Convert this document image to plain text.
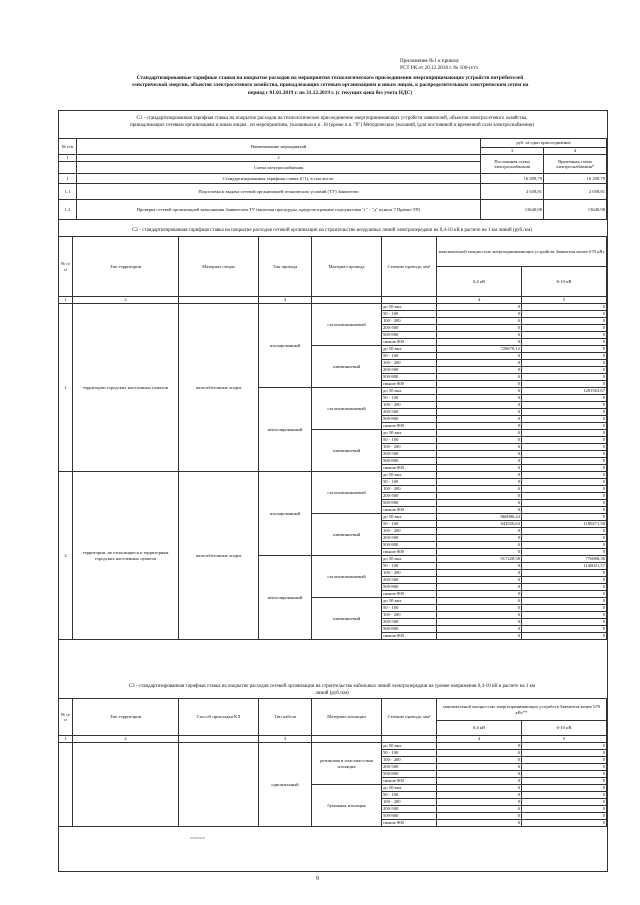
Приложение №1 к приказу
РСТ РК от 20.12.2018 г. № 100-п/тэ
Стандартизированные тарифные ставки на покрытие расходов на мероприятия технологического присоединения энергопринимающих устройств потребителей
электрической энергии, объектов электросетевого хозяйства, принадлежащих сетевым организациям и иным лицам, к распределительным электрическим сетям на
период с 01.01.2019 г. по 31.12.2019 г. (с текущих цена без учета НДС)
С1 - стандартизированная тарифная ставка на покрытие расходов на технологическое присоединение энергопринимающих устройств заявителей, объектов электросетевого хозяйства,
принадлежащих сетевым организациям и иным лицам , по мероприятиям, указанным в п. 16 (кроме п.п. "б") Методических указаний, (для постоянной и временной схем электроснабжения)
№ п/п	Наименование мероприятий	руб. за одно присоединение	
		3	4
1	2	Постоянная схема электроснабжения	Временная схема электроснабжения*
	Схема электроснабжения		
1	Стандартизированная тарифная ставка (С1), в том числе:	16 299,79	16 299,79
1.1	Подготовка и выдача сетевой организацией технических условий (ТУ) Заявителю	2 658,81	2 658,81
1.2	Проверка сетевой организацией выполнения Заявителем ТУ (включая процедуры, предусмотренные подпунктами "г" - "д" пункта 7 Правил ТП)	13640,98	13640,98
С2 - стандартизированная тарифная ставка на покрытие расходов сетевой организации на строительство воздушных линий электропередачи на 0,4-10 кВ в расчете на 1 км линий (руб./км)
№ п/п	Тип территории	Материал опоры	Тип провода	Материал провода	Сечение провода, мм²	максимальной мощностью энергопринимающих устройств Заявителя менее 670 кВт	
						0,4 кВ	6-10 кВ
1	2		3			4	5
1	территории городских населенных пунктов	железобетонные опоры	изолированный	сталеалюминиевый	до 50 вкл.	0	0
					50 - 100	0	0
					100 - 200	0	0
					200-500	0	0
					500-800	0	0
					свыше 800	0	0
				алюминиевый	до 50 вкл.	728670,12	0
					50 - 100	0	0
					100 - 200	0	0
					200-500	0	0
					500-800	0	0
					свыше 800	0	0
			неизолированный	сталеалюминиевый	до 50 вкл.	0	1281563,67
					50 - 100	0	0
					100 - 200	0	0
					200-500	0	0
					500-800	0	0
					свыше 800	0	0
				алюминиевый	до 50 вкл.	0	0
					50 - 100	0	0
					100 - 200	0	0
					200-500	0	0
					500-800	0	0
					свыше 800	0	0
2	территории, не относящиеся к территориям городских населенных пунктов	железобетонные опоры	изолированный	сталеалюминиевый	до 50 вкл.	0	0
					50 - 100	0	0
					100 - 200	0	0
					200-500	0	0
					500-800	0	0
					свыше 800	0	0
				алюминиевый	до 50 вкл.	860086,22	0
					50 - 100	843526,63	1180271,58
					100 - 200	0	0
					200-500	0	0
					500-800	0	0
					свыше 800	0	0
			неизолированный	сталеалюминиевый	до 50 вкл.	917228,58	776808,36
					50 - 100	0	1140021,57
					100 - 200	0	0
					200-500	0	0
					500-800	0	0
					свыше 800	0	0
				алюминиевый	до 50 вкл.	0	0
					50 - 100	0	0
					100 - 200	0	0
					200-500	0	0
					500-800	0	0
					свыше 800	0	0
С3 - стандартизированная тарифная ставка на покрытие расходов сетевой организации на строительство кабельных линий электропередачи на уровне напряжения 0,4-10 кВ в расчете на 1 км
линий (руб./км)
№ п/п	Тип территории	Способ прокладки КЛ	Тип кабеля	Материал изоляции	Сечение провода, мм²	максимальной мощностью энергопринимающих устройств Заявителя менее 670 кВт**	
						0,4 кВ	6-10 кВ
1	2		3			4	5
			одножильный	резиновая и пластмассовая изоляция	до 50 вкл.	0	0
					50 - 100	0	0
					100 - 200	0	0
					200-500	0	0
					500-800	0	0
					свыше 800	0	0
				бумажная изоляция	до 50 вкл.	0	0
					50 - 100	0	0
					100 - 200	0	0
					200-500	0	0
					500-800	0	0
					свыше 800	0	0
▭▭▭▭
9
